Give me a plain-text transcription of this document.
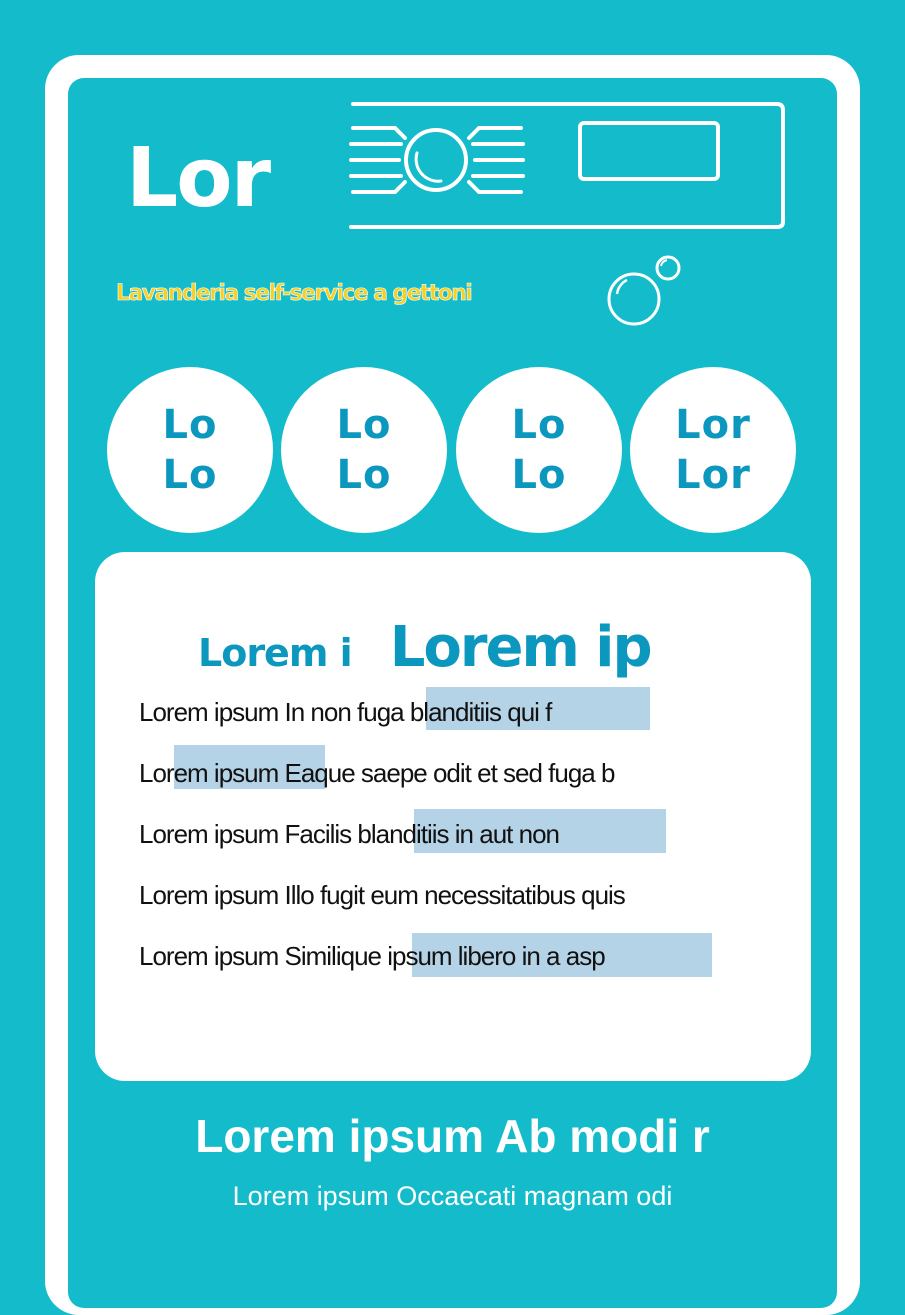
Lor
Lavanderia self-service a gettoni
Lo
Lo
Lo
Lo
Lo
Lo
Lor
Lor
Lorem i Lorem ip
Lorem ipsum In non fuga blanditiis qui f
Lorem ipsum Eaque saepe odit et sed fuga b
Lorem ipsum Facilis blanditiis in aut non
Lorem ipsum Illo fugit eum necessitatibus quis
Lorem ipsum Similique ipsum libero in a asp
Lorem ipsum Ab modi r
Lorem ipsum Occaecati magnam odi
